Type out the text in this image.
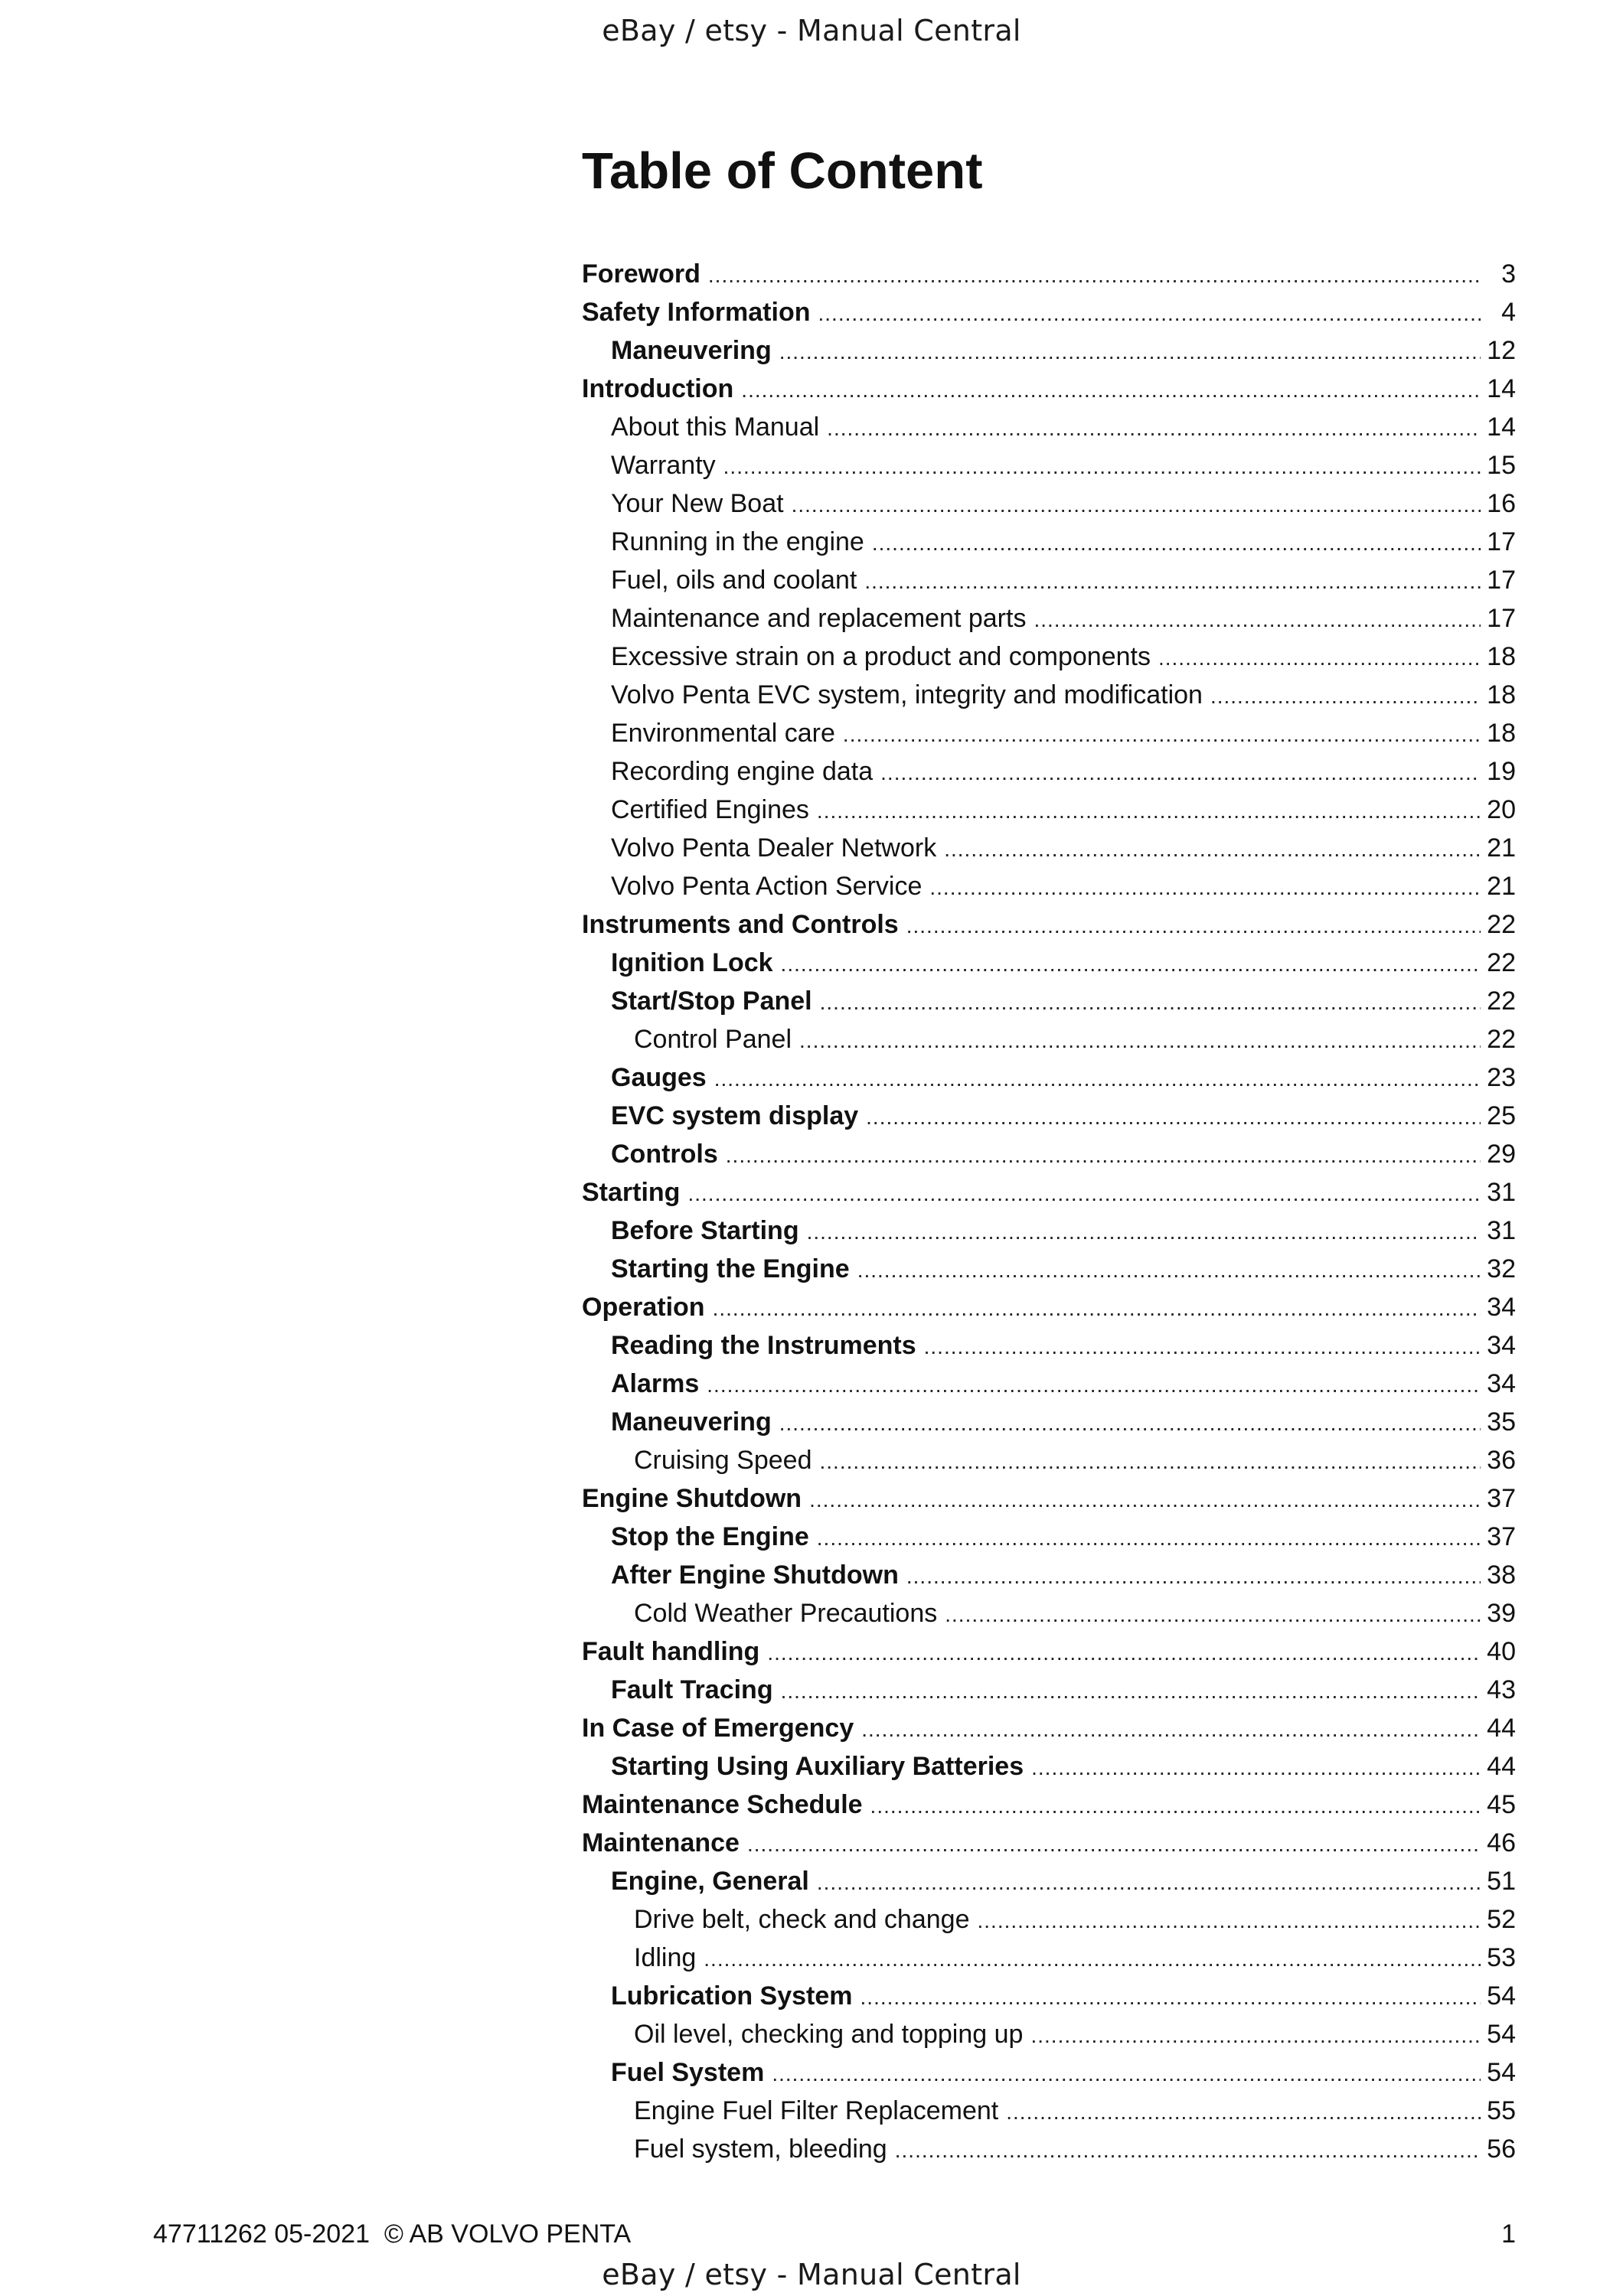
eBay / etsy - Manual Central
Table of Content
Foreword .....	3
Safety Information .....	4
Maneuvering .....	12
Introduction .....	14
About this Manual .....	14
Warranty .....	15
Your New Boat .....	16
Running in the engine .....	17
Fuel, oils and coolant .....	17
Maintenance and replacement parts .....	17
Excessive strain on a product and components .....	18
Volvo Penta EVC system, integrity and modification .....	18
Environmental care .....	18
Recording engine data .....	19
Certified Engines .....	20
Volvo Penta Dealer Network .....	21
Volvo Penta Action Service .....	21
Instruments and Controls .....	22
Ignition Lock .....	22
Start/Stop Panel .....	22
Control Panel .....	22
Gauges .....	23
EVC system display .....	25
Controls .....	29
Starting .....	31
Before Starting .....	31
Starting the Engine .....	32
Operation .....	34
Reading the Instruments .....	34
Alarms .....	34
Maneuvering .....	35
Cruising Speed .....	36
Engine Shutdown .....	37
Stop the Engine .....	37
After Engine Shutdown .....	38
Cold Weather Precautions .....	39
Fault handling .....	40
Fault Tracing .....	43
In Case of Emergency .....	44
Starting Using Auxiliary Batteries .....	44
Maintenance Schedule .....	45
Maintenance .....	46
Engine, General .....	51
Drive belt, check and change .....	52
Idling .....	53
Lubrication System .....	54
Oil level, checking and topping up .....	54
Fuel System .....	54
Engine Fuel Filter Replacement .....	55
Fuel system, bleeding .....	56
47711262 05-2021  © AB VOLVO PENTA	1
eBay / etsy - Manual Central
